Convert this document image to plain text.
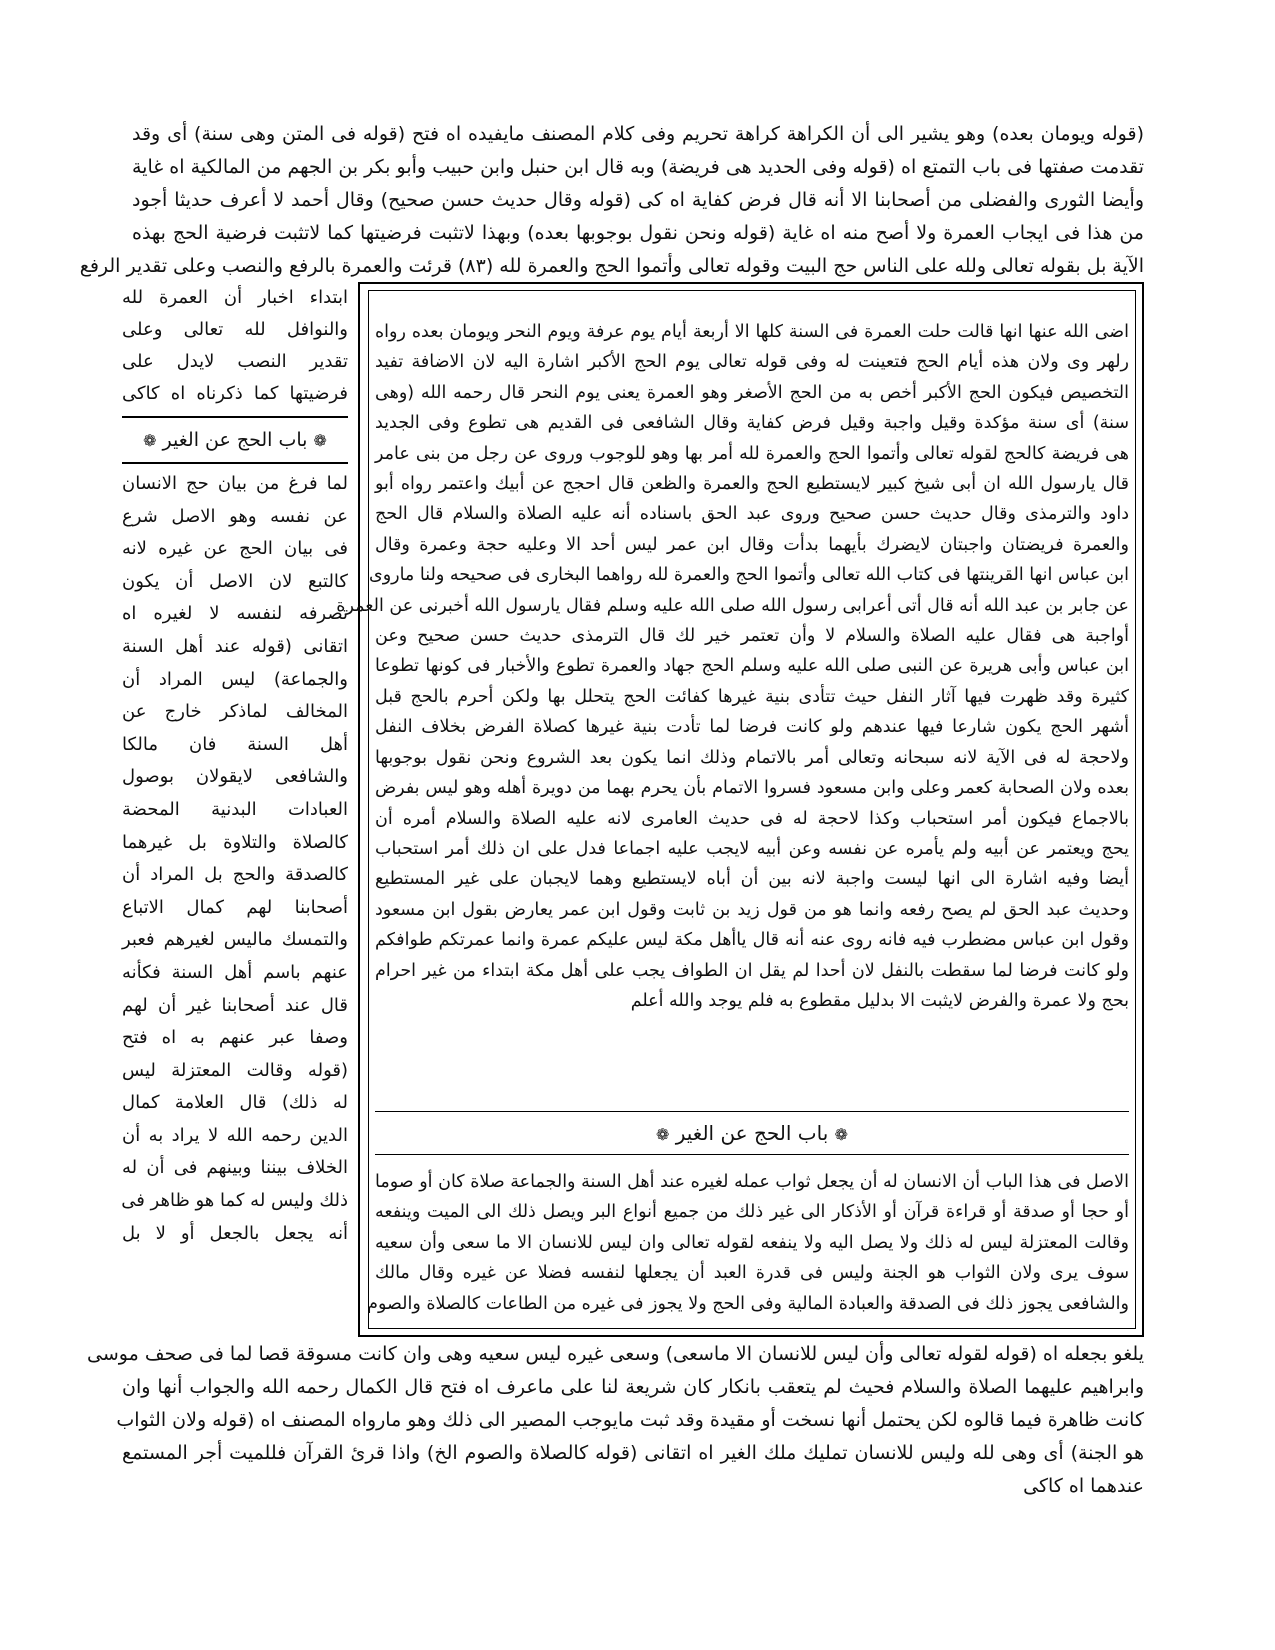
(قوله ويومان بعده) وهو يشير الى أن الكراهة كراهة تحريم وفى كلام المصنف مايفيده اه فتح (قوله فى المتن وهى سنة) أى وقد
تقدمت صفتها فى باب التمتع اه (قوله وفى الحديد هى فريضة) وبه قال ابن حنبل وابن حبيب وأبو بكر بن الجهم من المالكية اه غاية
وأيضا الثورى والفضلى من أصحابنا الا أنه قال فرض كفاية اه كى (قوله وقال حديث حسن صحيح) وقال أحمد لا أعرف حديثا أجود
من هذا فى ايجاب العمرة ولا أصح منه اه غاية (قوله ونحن نقول بوجوبها بعده) وبهذا لاتثبت فرضيتها كما لاتثبت فرضية الحج بهذه
الآية بل بقوله تعالى ولله على الناس حج البيت وقوله تعالى وأتموا الحج والعمرة لله (٨٣) قرئت والعمرة بالرفع والنصب وعلى تقدير الرفع
اضى الله عنها انها قالت حلت العمرة فى السنة كلها الا أربعة أيام يوم عرفة ويوم النحر ويومان بعده رواه
رلهر وى ولان هذه أيام الحج فتعينت له وفى قوله تعالى يوم الحج الأكبر اشارة اليه لان الاضافة تفيد
التخصيص فيكون الحج الأكبر أخص به من الحج الأصغر وهو العمرة يعنى يوم النحر قال رحمه الله (وهى
سنة) أى سنة مؤكدة وقيل واجبة وقيل فرض كفاية وقال الشافعى فى القديم هى تطوع وفى الجديد
هى فريضة كالحج لقوله تعالى وأتموا الحج والعمرة لله أمر بها وهو للوجوب وروى عن رجل من بنى عامر
قال يارسول الله ان أبى شيخ كبير لايستطيع الحج والعمرة والظعن قال احجج عن أبيك واعتمر رواه أبو
داود والترمذى وقال حديث حسن صحيح وروى عبد الحق باسناده أنه عليه الصلاة والسلام قال الحج
والعمرة فريضتان واجبتان لايضرك بأيهما بدأت وقال ابن عمر ليس أحد الا وعليه حجة وعمرة وقال
ابن عباس انها القرينتها فى كتاب الله تعالى وأتموا الحج والعمرة لله رواهما البخارى فى صحيحه ولنا ماروى
عن جابر بن عبد الله أنه قال أتى أعرابى رسول الله صلى الله عليه وسلم فقال يارسول الله أخبرنى عن العمرة
أواجبة هى فقال عليه الصلاة والسلام لا وأن تعتمر خير لك قال الترمذى حديث حسن صحيح وعن
ابن عباس وأبى هريرة عن النبى صلى الله عليه وسلم الحج جهاد والعمرة تطوع والأخبار فى كونها تطوعا
كثيرة وقد ظهرت فيها آثار النفل حيث تتأدى بنية غيرها كفائت الحج يتحلل بها ولكن أحرم بالحج قبل
أشهر الحج يكون شارعا فيها عندهم ولو كانت فرضا لما تأدت بنية غيرها كصلاة الفرض بخلاف النفل
ولاحجة له فى الآية لانه سبحانه وتعالى أمر بالاتمام وذلك انما يكون بعد الشروع ونحن نقول بوجوبها
بعده ولان الصحابة كعمر وعلى وابن مسعود فسروا الاتمام بأن يحرم بهما من دويرة أهله وهو ليس بفرض
بالاجماع فيكون أمر استحباب وكذا لاحجة له فى حديث العامرى لانه عليه الصلاة والسلام أمره أن
يحج ويعتمر عن أبيه ولم يأمره عن نفسه وعن أبيه لايجب عليه اجماعا فدل على ان ذلك أمر استحباب
أيضا وفيه اشارة الى انها ليست واجبة لانه بين أن أباه لايستطيع وهما لايجبان على غير المستطيع
وحديث عبد الحق لم يصح رفعه وانما هو من قول زيد بن ثابت وقول ابن عمر يعارض بقول ابن مسعود
وقول ابن عباس مضطرب فيه فانه روى عنه أنه قال ياأهل مكة ليس عليكم عمرة وانما عمرتكم طوافكم
ولو كانت فرضا لما سقطت بالنفل لان أحدا لم يقل ان الطواف يجب على أهل مكة ابتداء من غير احرام
بحج ولا عمرة والفرض لايثبت الا بدليل مقطوع به فلم يوجد والله أعلم
❁ باب الحج عن الغير ❁
الاصل فى هذا الباب أن الانسان له أن يجعل ثواب عمله لغيره عند أهل السنة والجماعة صلاة كان أو صوما
أو حجا أو صدقة أو قراءة قرآن أو الأذكار الى غير ذلك من جميع أنواع البر ويصل ذلك الى الميت وينفعه
وقالت المعتزلة ليس له ذلك ولا يصل اليه ولا ينفعه لقوله تعالى وان ليس للانسان الا ما سعى وأن سعيه
سوف يرى ولان الثواب هو الجنة وليس فى قدرة العبد أن يجعلها لنفسه فضلا عن غيره وقال مالك
والشافعى يجوز ذلك فى الصدقة والعبادة المالية وفى الحج ولا يجوز فى غيره من الطاعات كالصلاة والصوم
ابتداء اخبار أن العمرة لله
والنوافل لله تعالى وعلى
تقدير النصب لايدل على
فرضيتها كما ذكرناه اه كاكى
❁ باب الحج عن الغير ❁
لما فرغ من بيان حج الانسان
عن نفسه وهو الاصل شرع
فى بيان الحج عن غيره لانه
كالتبع لان الاصل أن يكون
تصرفه لنفسه لا لغيره اه
اتقانى (قوله عند أهل السنة
والجماعة) ليس المراد أن
المخالف لماذكر خارج عن
أهل السنة فان مالكا
والشافعى لايقولان بوصول
العبادات البدنية المحضة
كالصلاة والتلاوة بل غيرهما
كالصدقة والحج بل المراد أن
أصحابنا لهم كمال الاتباع
والتمسك ماليس لغيرهم فعبر
عنهم باسم أهل السنة فكأنه
قال عند أصحابنا غير أن لهم
وصفا عبر عنهم به اه فتح
(قوله وقالت المعتزلة ليس
له ذلك) قال العلامة كمال
الدين رحمه الله لا يراد به أن
الخلاف بيننا وبينهم فى أن له
ذلك وليس له كما هو ظاهر فى
أنه يجعل بالجعل أو لا بل
يلغو بجعله اه (قوله لقوله تعالى وأن ليس للانسان الا ماسعى) وسعى غيره ليس سعيه وهى وان كانت مسوقة قصا لما فى صحف موسى
وابراهيم عليهما الصلاة والسلام فحيث لم يتعقب بانكار كان شريعة لنا على ماعرف اه فتح قال الكمال رحمه الله والجواب أنها وان
كانت ظاهرة فيما قالوه لكن يحتمل أنها نسخت أو مقيدة وقد ثبت مايوجب المصير الى ذلك وهو مارواه المصنف اه (قوله ولان الثواب
هو الجنة) أى وهى لله وليس للانسان تمليك ملك الغير اه اتقانى (قوله كالصلاة والصوم الخ) واذا قرئ القرآن فللميت أجر المستمع
عندهما اه كاكى
